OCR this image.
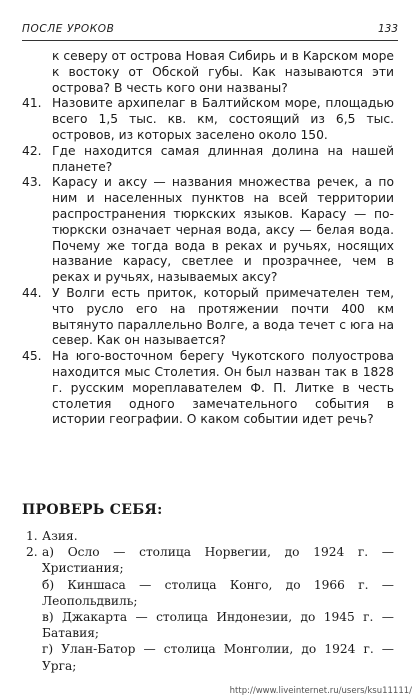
ПОСЛЕ УРОКОВ	133
к северу от острова Новая Сибирь и в Карском море к востоку от Обской губы. Как называются эти острова? В честь кого они названы?
41. Назовите архипелаг в Балтийском море, площадью всего 1,5 тыс. кв. км, состоящий из 6,5 тыс. островов, из которых заселено около 150.
42. Где находится самая длинная долина на нашей планете?
43. Карасу и аксу — названия множества речек, а по ним и населенных пунктов на всей территории распространения тюркских языков. Карасу — по-тюркски означает черная вода, аксу — белая вода. Почему же тогда вода в реках и ручьях, носящих название карасу, светлее и прозрачнее, чем в реках и ручьях, называемых аксу?
44. У Волги есть приток, который примечателен тем, что русло его на протяжении почти 400 км вытянуто параллельно Волге, а вода течет с юга на север. Как он называется?
45. На юго-восточном берегу Чукотского полуострова находится мыс Столетия. Он был назван так в 1828 г. русским мореплавателем Ф. П. Литке в честь столетия одного замечательного события в истории географии. О каком событии идет речь?
ПРОВЕРЬ СЕБЯ:
1. Азия.
2. а) Осло — столица Норвегии, до 1924 г. — Христиания;
б) Киншаса — столица Конго, до 1966 г. — Леопольдвиль;
в) Джакарта — столица Индонезии, до 1945 г. — Батавия;
г) Улан-Батор — столица Монголии, до 1924 г. — Урга;
http://www.liveinternet.ru/users/ksu11111/
